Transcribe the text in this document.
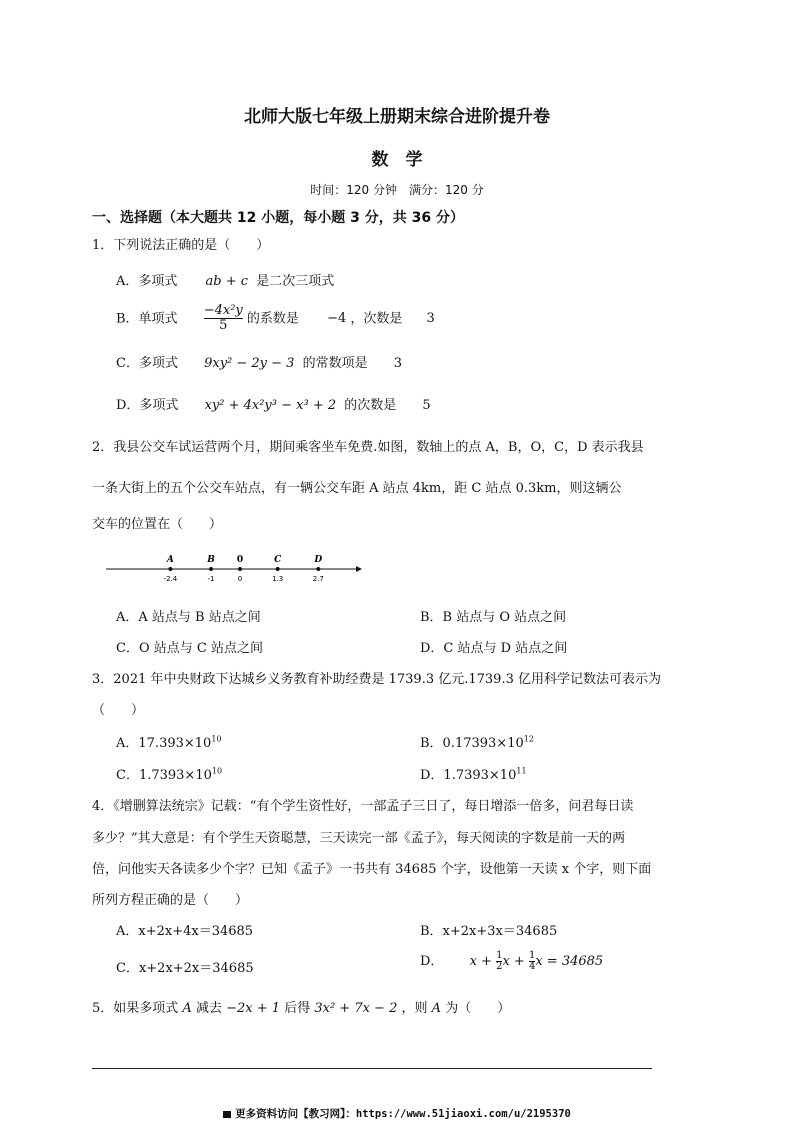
北师大版七年级上册期末综合进阶提升卷
数　学
时间：120 分钟　满分：120 分
一、选择题（本大题共 12 小题，每小题 3 分，共 36 分）
1．下列说法正确的是（　　）
A．多项式 ab + c 是二次三项式
B．单项式 $\frac{\text{−4x²y}}{5}$ 的系数是 −4 ，次数是 3
C．多项式 9xy² − 2y − 3 的常数项是 3
D．多项式 xy² + 4x²y³ − x³ + 2 的次数是 5
2．我县公交车试运营两个月，期间乘客坐车免费.如图，数轴上的点 A，B，O，C，D 表示我县
一条大街上的五个公交车站点，有一辆公交车距 A 站点 4km，距 C 站点 0.3km，则这辆公
交车的位置在（　　）
A
-2.4
B
-1
0
0
C
1.3
D
2.7
A．A 站点与 B 站点之间	B．B 站点与 O 站点之间
C．O 站点与 C 站点之间	D．C 站点与 D 站点之间
3．2021 年中央财政下达城乡义务教育补助经费是 1739.3 亿元.1739.3 亿用科学记数法可表示为
（　　）
A．$17.393\times 10^{10}$	B．$0.17393\times 10^{12}$
C．$1.7393\times 10^{10}$	D．$1.7393\times 10^{11}$
4．《增删算法统宗》记载：“有个学生资性好，一部孟子三日了，每日增添一倍多，问君每日读
多少？”其大意是：有个学生天资聪慧，三天读完一部《孟子》，每天阅读的字数是前一天的两
倍，问他实天各读多少个字？已知《孟子》一书共有 34685 个字，设他第一天读 x 个字，则下面
所列方程正确的是（　　）
A．x+2x+4x＝34685	B．x+2x+3x＝34685
C．x+2x+2x＝34685	D． $x + \frac{1}{2}$ $x + \frac{1}{4}$ x = 34685
5．如果多项式 A 减去 −2x + 1 后得 3x² + 7x − 2 ，则 A 为（　　）
更多资料访问【教习网】：https://www.51jiaoxi.com/u/2195370
